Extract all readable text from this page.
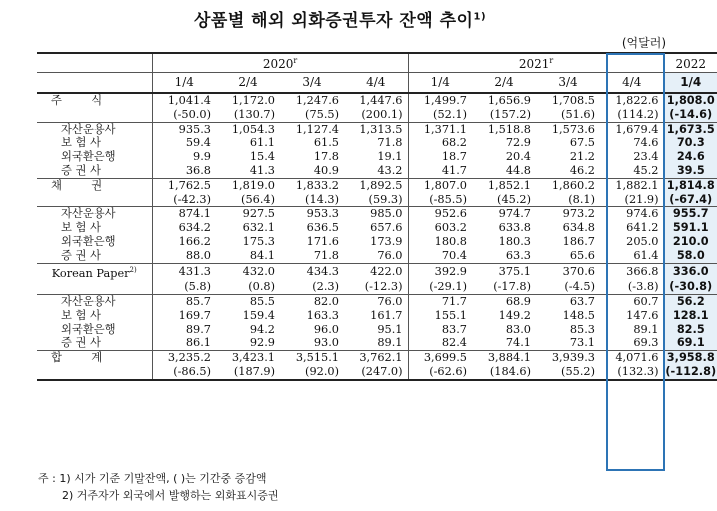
상품별 해외 외화증권투자 잔액 추이$^{1)}$
(억달러)
	2020$^r$				2021$^r$				2022
	1/4	2/4	3/4	4/4	1/4	2/4	3/4	4/4	1/4
주　식	1,041.4	1,172.0	1,247.6	1,447.6	1,499.7	1,656.9	1,708.5	1,822.6	1,808.0
	(-50.0)	(130.7)	(75.5)	(200.1)	(52.1)	(157.2)	(51.6)	(114.2)	(-14.6)
자산운용사	935.3	1,054.3	1,127.4	1,313.5	1,371.1	1,518.8	1,573.6	1,679.4	1,673.5
보 험 사	59.4	61.1	61.5	71.8	68.2	72.9	67.5	74.6	70.3
외국환은행	9.9	15.4	17.8	19.1	18.7	20.4	21.2	23.4	24.6
증 권 사	36.8	41.3	40.9	43.2	41.7	44.8	46.2	45.2	39.5
채　권	1,762.5	1,819.0	1,833.2	1,892.5	1,807.0	1,852.1	1,860.2	1,882.1	1,814.8
	(-42.3)	(56.4)	(14.3)	(59.3)	(-85.5)	(45.2)	(8.1)	(21.9)	(-67.4)
자산운용사	874.1	927.5	953.3	985.0	952.6	974.7	973.2	974.6	955.7
보 험 사	634.2	632.1	636.5	657.6	603.2	633.8	634.8	641.2	591.1
외국환은행	166.2	175.3	171.6	173.9	180.8	180.3	186.7	205.0	210.0
증 권 사	88.0	84.1	71.8	76.0	70.4	63.3	65.6	61.4	58.0
Korean Paper$^{2)}$	431.3	432.0	434.3	422.0	392.9	375.1	370.6	366.8	336.0
	(5.8)	(0.8)	(2.3)	(-12.3)	(-29.1)	(-17.8)	(-4.5)	(-3.8)	(-30.8)
자산운용사	85.7	85.5	82.0	76.0	71.7	68.9	63.7	60.7	56.2
보 험 사	169.7	159.4	163.3	161.7	155.1	149.2	148.5	147.6	128.1
외국환은행	89.7	94.2	96.0	95.1	83.7	83.0	85.3	89.1	82.5
증 권 사	86.1	92.9	93.0	89.1	82.4	74.1	73.1	69.3	69.1
합　계	3,235.2	3,423.1	3,515.1	3,762.1	3,699.5	3,884.1	3,939.3	4,071.6	3,958.8
	(-86.5)	(187.9)	(92.0)	(247.0)	(-62.6)	(184.6)	(55.2)	(132.3)	(-112.8)
주 : 1) 시가 기준 기말잔액, ( )는 기간중 증감액
2) 거주자가 외국에서 발행하는 외화표시증권
